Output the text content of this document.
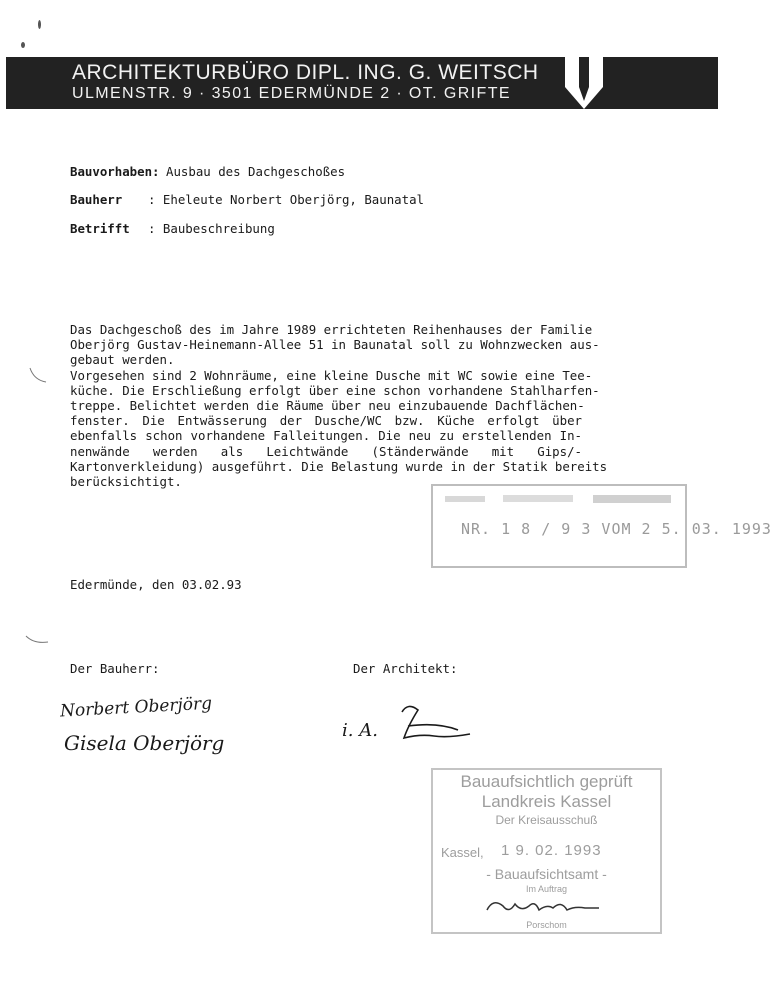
ARCHITEKTURBÜRO DIPL. ING. G. WEITSCH
ULMENSTR. 9 · 3501 EDERMÜNDE 2 · OT. GRIFTE
Bauvorhaben: Ausbau des Dachgeschoßes
Bauherr : Eheleute Norbert Oberjörg, Baunatal
Betrifft : Baubeschreibung
Das Dachgeschoß des im Jahre 1989 errichteten Reihenhauses der Familie
Oberjörg Gustav-Heinemann-Allee 51 in Baunatal soll zu Wohnzwecken aus-
gebaut werden.
Vorgesehen sind 2 Wohnräume, eine kleine Dusche mit WC sowie eine Tee-
küche. Die Erschließung erfolgt über eine schon vorhandene Stahlharfen-
treppe. Belichtet werden die Räume über neu einzubauende Dachflächen-
fenster. Die Entwässerung der Dusche/WC bzw. Küche erfolgt über
ebenfalls schon vorhandene Falleitungen. Die neu zu erstellenden In-
nenwände werden als Leichtwände (Ständerwände mit Gips/-
Kartonverkleidung) ausgeführt. Die Belastung wurde in der Statik bereits
berücksichtigt.
NR. 1 8 / 9 3 VOM 2 5. 03. 1993
Edermünde, den 03.02.93
Der Bauherr:	Der Architekt:
Norbert Oberjörg
Gisela Oberjörg
i. A.
Bauaufsichtlich geprüft
Landkreis Kassel
Der Kreisausschuß
Kassel, 1 9. 02. 1993
- Bauaufsichtsamt -
Im Auftrag
Porschom
